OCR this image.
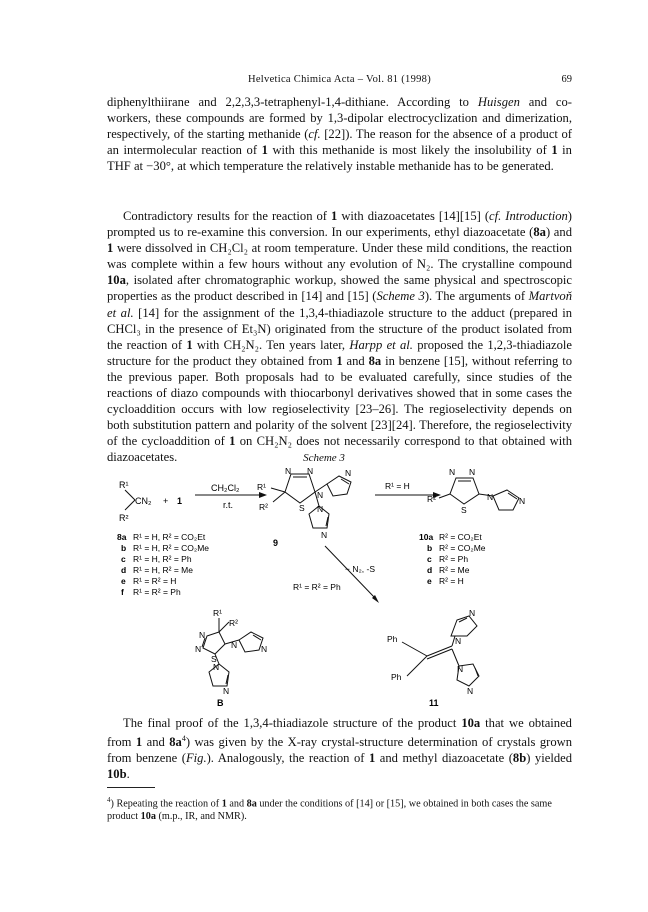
Helvetica Chimica Acta – Vol. 81 (1998)	69

diphenylthiirane and 2,2,3,3-tetraphenyl-1,4-dithiane. According to Huisgen and co-workers, these compounds are formed by 1,3-dipolar electrocyclization and dimerization, respectively, of the starting methanide (cf. [22]). The reason for the absence of a product of an intermolecular reaction of 1 with this methanide is most likely the insolubility of 1 in THF at −30°, at which temperature the relatively instable methanide has to be generated.

Contradictory results for the reaction of 1 with diazoacetates [14][15] (cf. Introduction) prompted us to re-examine this conversion. In our experiments, ethyl diazoacetate (8a) and 1 were dissolved in CH₂Cl₂ at room temperature. Under these mild conditions, the reaction was complete within a few hours without any evolution of N₂. The crystalline compound 10a, isolated after chromatographic workup, showed the same physical and spectroscopic properties as the product described in [14] and [15] (Scheme 3). The arguments of Martvoň et al. [14] for the assignment of the 1,3,4-thiadiazole structure to the adduct (prepared in CHCl₃ in the presence of Et₃N) originated from the structure of the product isolated from the reaction of 1 with CH₂N₂. Ten years later, Harpp et al. proposed the 1,2,3-thiadiazole structure for the product they obtained from 1 and 8a in benzene [15], without referring to the previous paper. Both proposals had to be evaluated carefully, since studies of the reactions of diazo compounds with thiocarbonyl derivatives showed that in some cases the cycloaddition occurs with low regioselectivity [23–26]. The regioselectivity depends on both substitution pattern and polarity of the solvent [23][24]. Therefore, the regioselectivity of the cycloaddition of 1 on CH₂N₂ does not necessarily correspond to that obtained with diazoacetates.	Scheme 3
R¹
R²
CN₂ + 1
CH₂Cl₂
r.t.
8a R¹ = H, R² = CO₂Et
b R¹ = H, R² = CO₂Me
c R¹ = H, R² = Ph
d R¹ = H, R² = Me
e R¹ = R² = H
f R¹ = R² = Ph
N N
S
R¹
R²
N
N
N
N
9
R¹ = H
N N
R²
S
N	N
10a R² = CO₂Et
b R² = CO₂Me
c R² = Ph
d R² = Me
e R² = H
− N₂, -S
R¹ = R² = Ph
R¹
R²
N
N
S
N	N
N
N
B
Ph
Ph
N
N
N
N
11

The final proof of the 1,3,4-thiadiazole structure of the product 10a that we obtained from 1 and $8a^4$) was given by the X-ray crystal-structure determination of crystals grown from benzene (Fig.). Analogously, the reaction of 1 and methyl diazoacetate (8b) yielded 10b.

$^4$) Repeating the reaction of 1 and 8a under the conditions of [14] or [15], we obtained in both cases the same product 10a (m.p., IR, and NMR).
